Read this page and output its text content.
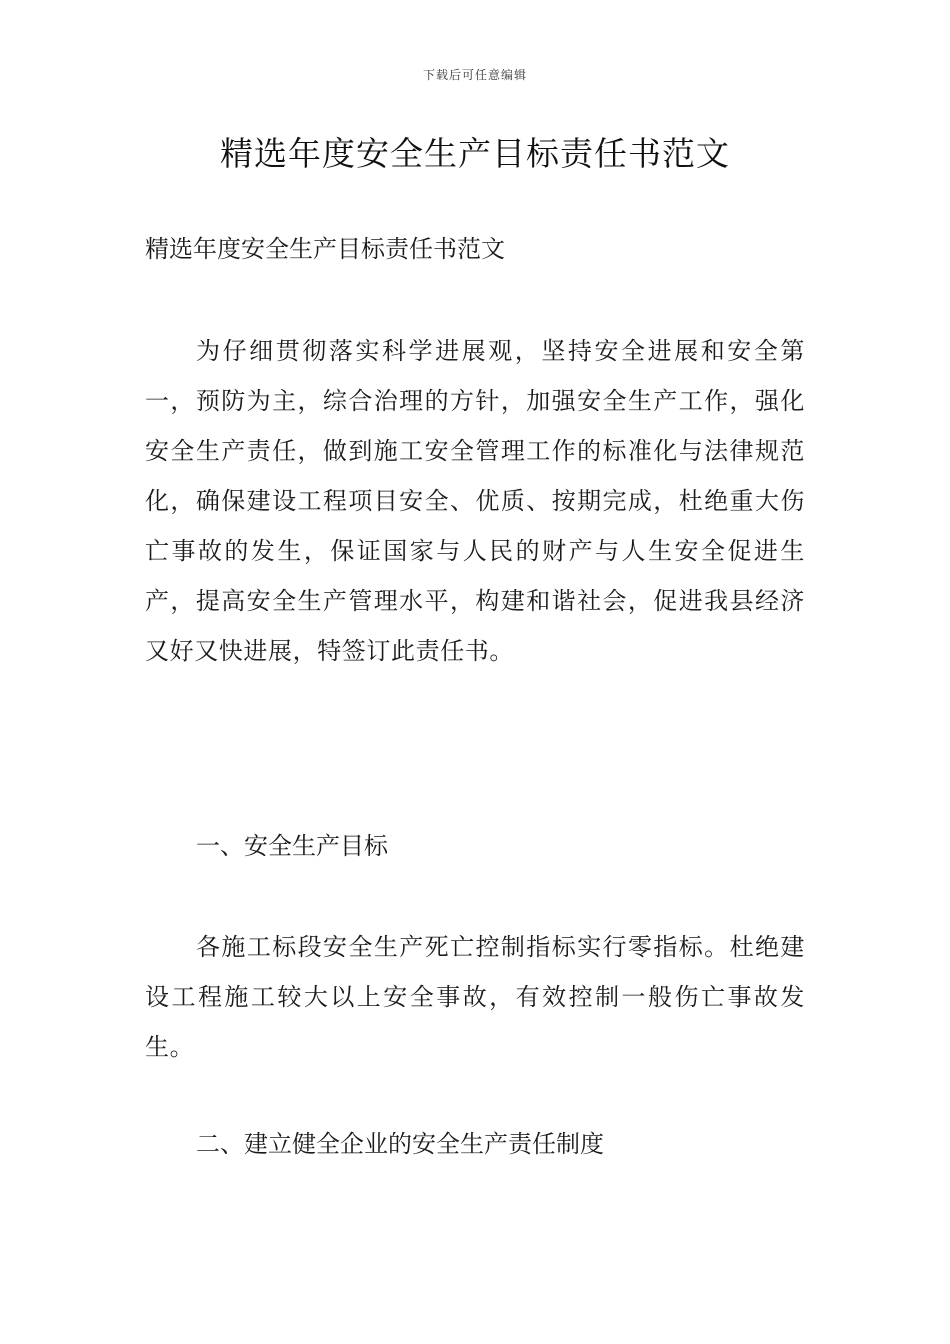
下载后可任意编辑
精选年度安全生产目标责任书范文

精选年度安全生产目标责任书范文

为仔细贯彻落实科学进展观，坚持安全进展和安全第一，预防为主，综合治理的方针，加强安全生产工作，强化安全生产责任，做到施工安全管理工作的标准化与法律规范化，确保建设工程项目安全、优质、按期完成，杜绝重大伤亡事故的发生，保证国家与人民的财产与人生安全促进生产，提高安全生产管理水平，构建和谐社会，促进我县经济又好又快进展，特签订此责任书。

一、安全生产目标

各施工标段安全生产死亡控制指标实行零指标。杜绝建设工程施工较大以上安全事故，有效控制一般伤亡事故发生。

二、建立健全企业的安全生产责任制度
